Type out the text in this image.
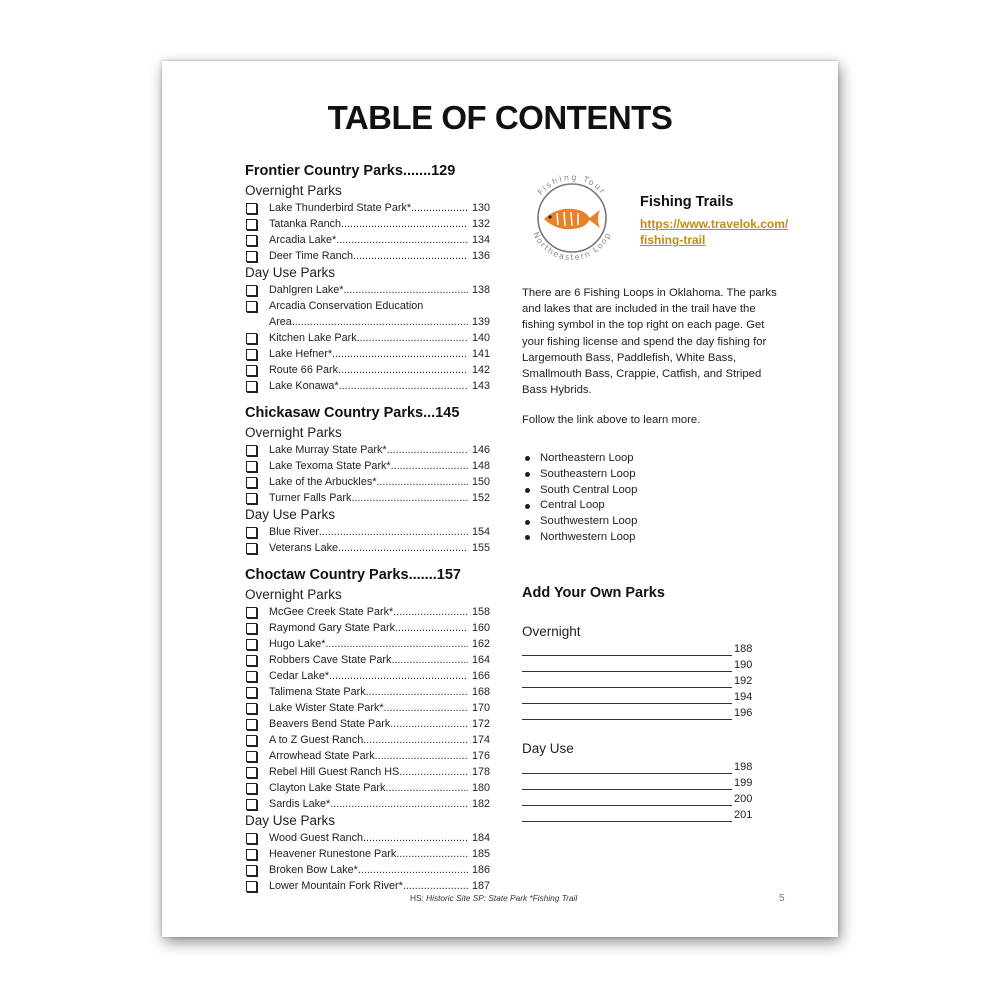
TABLE OF CONTENTS
Frontier Country Parks.......129
Overnight Parks
Lake Thunderbird State Park* .....	130
Tatanka Ranch .....	132
Arcadia Lake* .....	134
Deer Time Ranch .....	136
Day Use Parks
Dahlgren Lake* .....	138
Arcadia Conservation Education
Area .....	139
Kitchen Lake Park .....	140
Lake Hefner* .....	141
Route 66 Park .....	142
Lake Konawa* .....	143
Chickasaw Country Parks...145
Overnight Parks
Lake Murray State Park* .....	146
Lake Texoma State Park* .....	148
Lake of the Arbuckles* .....	150
Turner Falls Park .....	152
Day Use Parks
Blue River .....	154
Veterans Lake .....	155
Choctaw Country Parks.......157
Overnight Parks
McGee Creek State Park* .....	158
Raymond Gary State Park .....	160
Hugo Lake* .....	162
Robbers Cave State Park .....	164
Cedar Lake* .....	166
Talimena State Park .....	168
Lake Wister State Park* .....	170
Beavers Bend State Park .....	172
A to Z Guest Ranch .....	174
Arrowhead State Park .....	176
Rebel Hill Guest Ranch HS .....	178
Clayton Lake State Park .....	180
Sardis Lake* .....	182
Day Use Parks
Wood Guest Ranch .....	184
Heavener Runestone Park .....	185
Broken Bow Lake* .....	186
Lower Mountain Fork River* .....	187
Fishing Tour
Northeastern Loop
Fishing Trails
https://www.travelok.com/
fishing-trail
There are 6 Fishing Loops in Oklahoma. The parks and lakes that are included in the trail have the fishing symbol in the top right on each page. Get your fishing license and spend the day fishing for Largemouth Bass, Paddlefish, White Bass, Smallmouth Bass, Crappie, Catfish, and Striped Bass Hybrids.
Follow the link above to learn more.
Northeastern Loop
Southeastern Loop
South Central Loop
Central Loop
Southwestern Loop
Northwestern Loop
Add Your Own Parks
Overnight
188
190
192
194
196
Day Use
198
199
200
201
HS: Historic Site SP: State Park *Fishing Trail	5
